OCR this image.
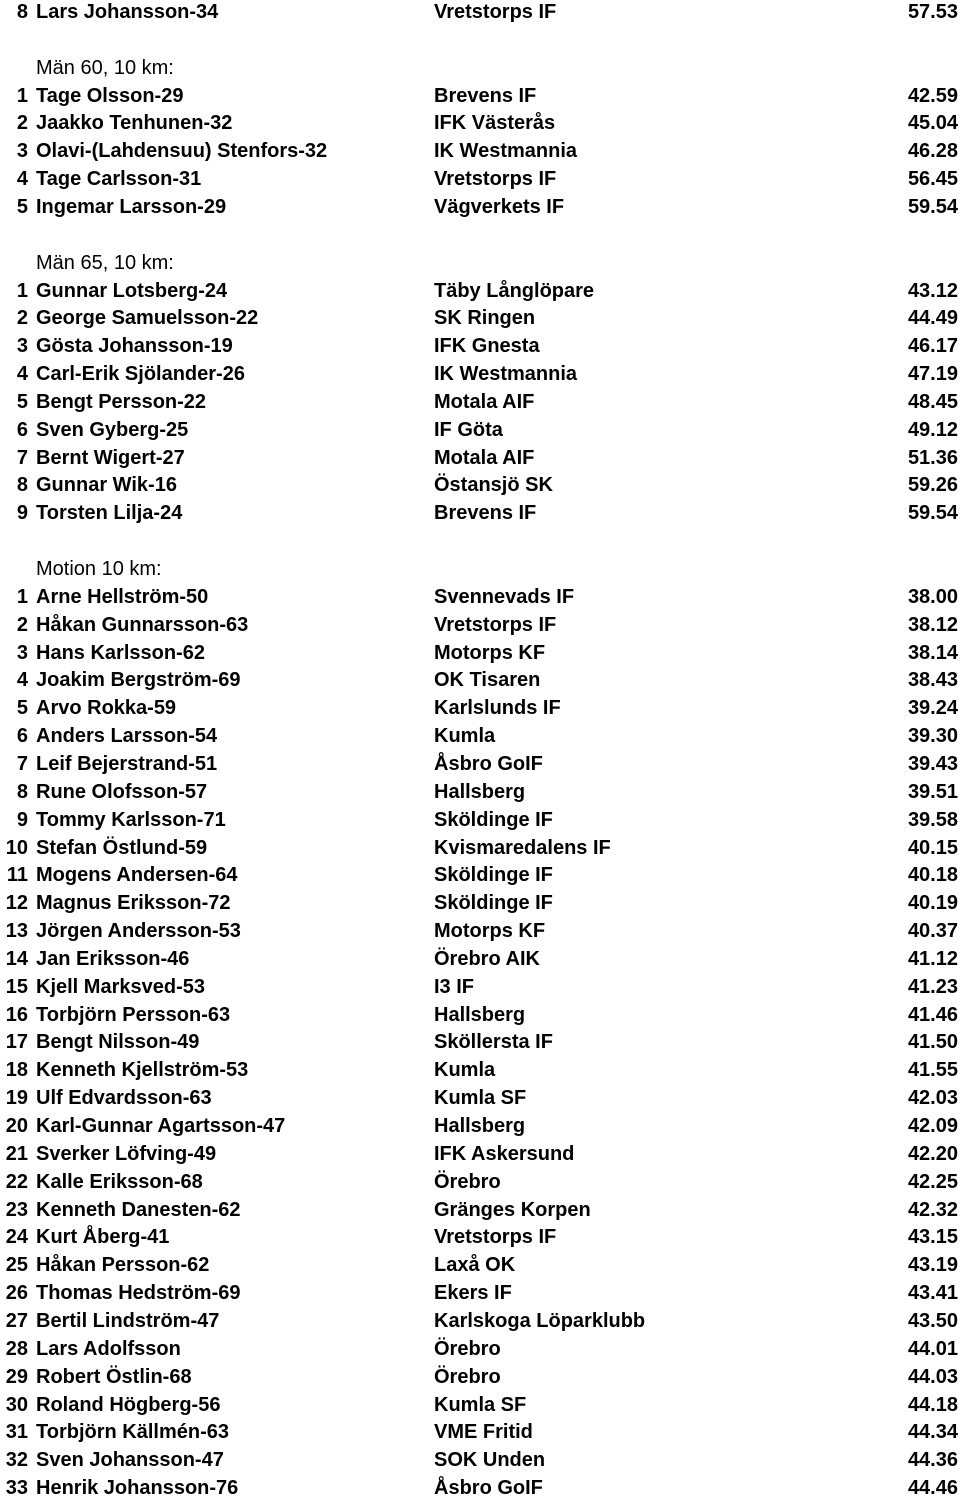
8 Lars Johansson-34	Vretstorps IF	57.53
Män 60, 10 km:
1 Tage Olsson-29	Brevens IF	42.59
2 Jaakko Tenhunen-32	IFK Västerås	45.04
3 Olavi-(Lahdensuu) Stenfors-32	IK Westmannia	46.28
4 Tage Carlsson-31	Vretstorps IF	56.45
5 Ingemar Larsson-29	Vägverkets IF	59.54
Män 65, 10 km:
1 Gunnar Lotsberg-24	Täby Långlöpare	43.12
2 George Samuelsson-22	SK Ringen	44.49
3 Gösta Johansson-19	IFK Gnesta	46.17
4 Carl-Erik Sjölander-26	IK Westmannia	47.19
5 Bengt Persson-22	Motala AIF	48.45
6 Sven Gyberg-25	IF Göta	49.12
7 Bernt Wigert-27	Motala AIF	51.36
8 Gunnar Wik-16	Östansjö SK	59.26
9 Torsten Lilja-24	Brevens IF	59.54
Motion 10 km:
1 Arne Hellström-50	Svennevads IF	38.00
2 Håkan Gunnarsson-63	Vretstorps IF	38.12
3 Hans Karlsson-62	Motorps KF	38.14
4 Joakim Bergström-69	OK Tisaren	38.43
5 Arvo Rokka-59	Karlslunds IF	39.24
6 Anders Larsson-54	Kumla	39.30
7 Leif Bejerstrand-51	Åsbro GoIF	39.43
8 Rune Olofsson-57	Hallsberg	39.51
9 Tommy Karlsson-71	Sköldinge IF	39.58
10 Stefan Östlund-59	Kvismaredalens IF	40.15
11 Mogens Andersen-64	Sköldinge IF	40.18
12 Magnus Eriksson-72	Sköldinge IF	40.19
13 Jörgen Andersson-53	Motorps KF	40.37
14 Jan Eriksson-46	Örebro AIK	41.12
15 Kjell Marksved-53	I3 IF	41.23
16 Torbjörn Persson-63	Hallsberg	41.46
17 Bengt Nilsson-49	Sköllersta IF	41.50
18 Kenneth Kjellström-53	Kumla	41.55
19 Ulf Edvardsson-63	Kumla SF	42.03
20 Karl-Gunnar Agartsson-47	Hallsberg	42.09
21 Sverker Löfving-49	IFK Askersund	42.20
22 Kalle Eriksson-68	Örebro	42.25
23 Kenneth Danesten-62	Gränges Korpen	42.32
24 Kurt Åberg-41	Vretstorps IF	43.15
25 Håkan Persson-62	Laxå OK	43.19
26 Thomas Hedström-69	Ekers IF	43.41
27 Bertil Lindström-47	Karlskoga Löparklubb	43.50
28 Lars Adolfsson	Örebro	44.01
29 Robert Östlin-68	Örebro	44.03
30 Roland Högberg-56	Kumla SF	44.18
31 Torbjörn Källmén-63	VME Fritid	44.34
32 Sven Johansson-47	SOK Unden	44.36
33 Henrik Johansson-76	Åsbro GoIF	44.46
